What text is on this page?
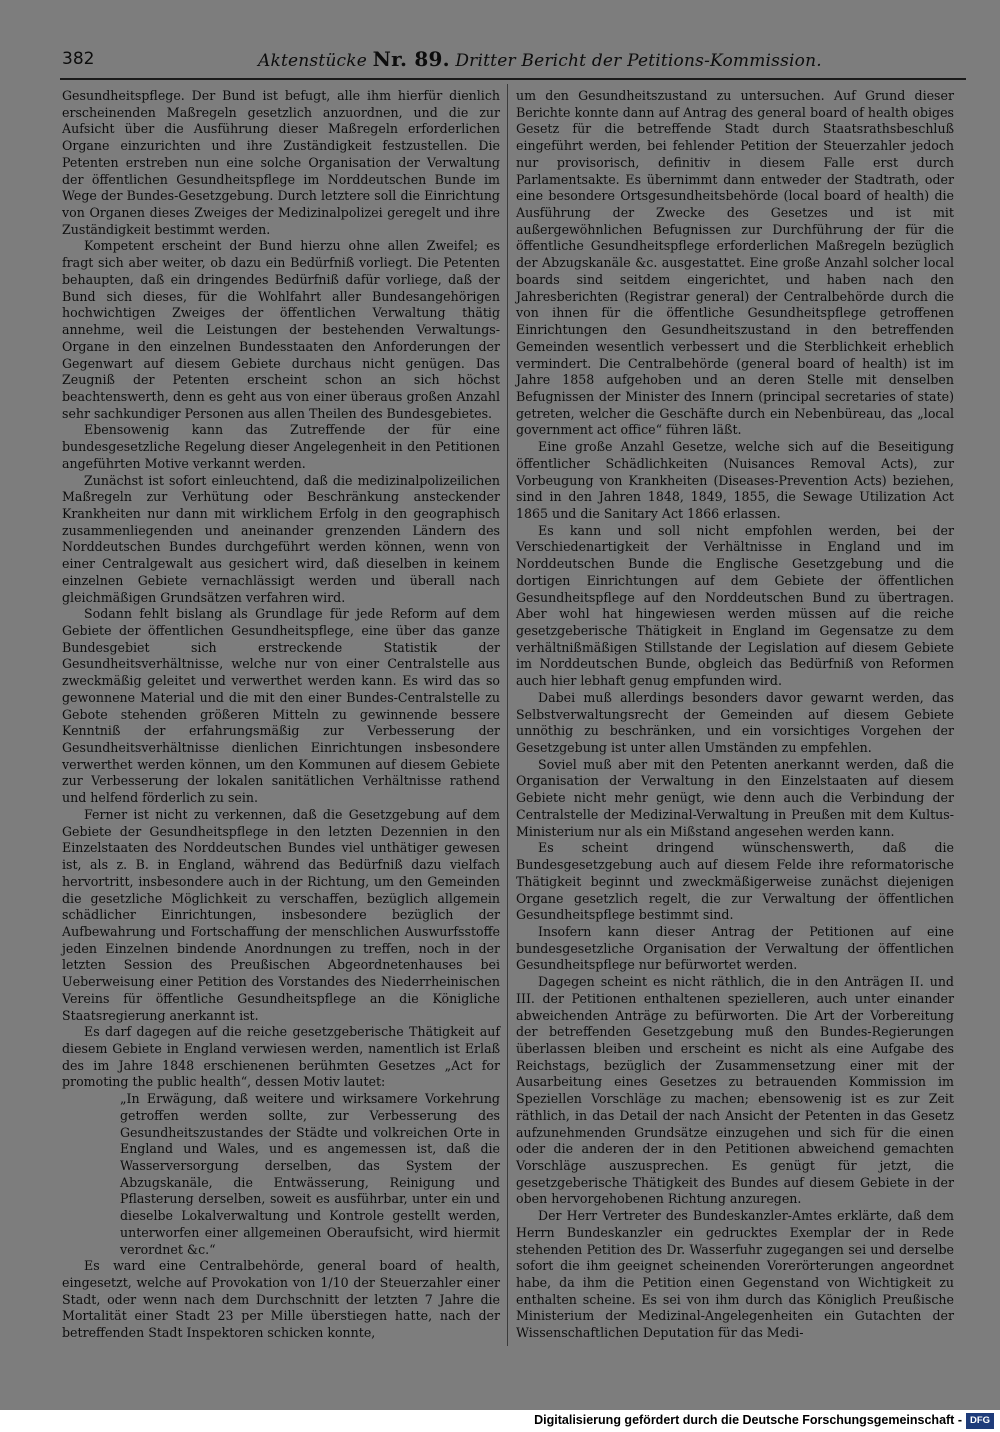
382	Aktenstücke Nr. 89. Dritter Bericht der Petitions-Kommission.

Gesundheitspflege. Der Bund ist befugt, alle ihm hierfür dienlich erscheinenden Maßregeln gesetzlich anzuordnen, und die zur Aufsicht über die Ausführung dieser Maßregeln erforderlichen Organe einzurichten und ihre Zuständigkeit festzustellen. Die Petenten erstreben nun eine solche Organisation der Verwaltung der öffentlichen Gesundheitspflege im Norddeutschen Bunde im Wege der Bundes-Gesetzgebung. Durch letztere soll die Einrichtung von Organen dieses Zweiges der Medizinalpolizei geregelt und ihre Zuständigkeit bestimmt werden.

Kompetent erscheint der Bund hierzu ohne allen Zweifel; es fragt sich aber weiter, ob dazu ein Bedürfniß vorliegt. Die Petenten behaupten, daß ein dringendes Bedürfniß dafür vorliege, daß der Bund sich dieses, für die Wohlfahrt aller Bundesangehörigen hochwichtigen Zweiges der öffentlichen Verwaltung thätig annehme, weil die Leistungen der bestehenden Verwaltungs-Organe in den einzelnen Bundesstaaten den Anforderungen der Gegenwart auf diesem Gebiete durchaus nicht genügen. Das Zeugniß der Petenten erscheint schon an sich höchst beachtenswerth, denn es geht aus von einer überaus großen Anzahl sehr sachkundiger Personen aus allen Theilen des Bundesgebietes.

Ebensowenig kann das Zutreffende der für eine bundesgesetzliche Regelung dieser Angelegenheit in den Petitionen angeführten Motive verkannt werden.

Zunächst ist sofort einleuchtend, daß die medizinalpolizeilichen Maßregeln zur Verhütung oder Beschränkung ansteckender Krankheiten nur dann mit wirklichem Erfolg in den geographisch zusammenliegenden und aneinander grenzenden Ländern des Norddeutschen Bundes durchgeführt werden können, wenn von einer Centralgewalt aus gesichert wird, daß dieselben in keinem einzelnen Gebiete vernachlässigt werden und überall nach gleichmäßigen Grundsätzen verfahren wird.

Sodann fehlt bislang als Grundlage für jede Reform auf dem Gebiete der öffentlichen Gesundheitspflege, eine über das ganze Bundesgebiet sich erstreckende Statistik der Gesundheitsverhältnisse, welche nur von einer Centralstelle aus zweckmäßig geleitet und verwerthet werden kann. Es wird das so gewonnene Material und die mit den einer Bundes-Centralstelle zu Gebote stehenden größeren Mitteln zu gewinnende bessere Kenntniß der erfahrungsmäßig zur Verbesserung der Gesundheitsverhältnisse dienlichen Einrichtungen insbesondere verwerthet werden können, um den Kommunen auf diesem Gebiete zur Verbesserung der lokalen sanitätlichen Verhältnisse rathend und helfend förderlich zu sein.

Ferner ist nicht zu verkennen, daß die Gesetzgebung auf dem Gebiete der Gesundheitspflege in den letzten Dezennien in den Einzelstaaten des Norddeutschen Bundes viel unthätiger gewesen ist, als z. B. in England, während das Bedürfniß dazu vielfach hervortritt, insbesondere auch in der Richtung, um den Gemeinden die gesetzliche Möglichkeit zu verschaffen, bezüglich allgemein schädlicher Einrichtungen, insbesondere bezüglich der Aufbewahrung und Fortschaffung der menschlichen Auswurfsstoffe jeden Einzelnen bindende Anordnungen zu treffen, noch in der letzten Session des Preußischen Abgeordnetenhauses bei Ueberweisung einer Petition des Vorstandes des Niederrheinischen Vereins für öffentliche Gesundheitspflege an die Königliche Staatsregierung anerkannt ist.

Es darf dagegen auf die reiche gesetzgeberische Thätigkeit auf diesem Gebiete in England verwiesen werden, namentlich ist Erlaß des im Jahre 1848 erschienenen berühmten Gesetzes „Act for promoting the public health“, dessen Motiv lautet:

„In Erwägung, daß weitere und wirksamere Vorkehrung getroffen werden sollte, zur Verbesserung des Gesundheitszustandes der Städte und volkreichen Orte in England und Wales, und es angemessen ist, daß die Wasserversorgung derselben, das System der Abzugskanäle, die Entwässerung, Reinigung und Pflasterung derselben, soweit es ausführbar, unter ein und dieselbe Lokalverwaltung und Kontrole gestellt werden, unterworfen einer allgemeinen Oberaufsicht, wird hiermit verordnet &c.“

Es ward eine Centralbehörde, general board of health, eingesetzt, welche auf Provokation von 1/10 der Steuerzahler einer Stadt, oder wenn nach dem Durchschnitt der letzten 7 Jahre die Mortalität einer Stadt 23 per Mille überstiegen hatte, nach der betreffenden Stadt Inspektoren schicken konnte,

um den Gesundheitszustand zu untersuchen. Auf Grund dieser Berichte konnte dann auf Antrag des general board of health obiges Gesetz für die betreffende Stadt durch Staatsrathsbeschluß eingeführt werden, bei fehlender Petition der Steuerzahler jedoch nur provisorisch, definitiv in diesem Falle erst durch Parlamentsakte. Es übernimmt dann entweder der Stadtrath, oder eine besondere Ortsgesundheitsbehörde (local board of health) die Ausführung der Zwecke des Gesetzes und ist mit außergewöhnlichen Befugnissen zur Durchführung der für die öffentliche Gesundheitspflege erforderlichen Maßregeln bezüglich der Abzugskanäle &c. ausgestattet. Eine große Anzahl solcher local boards sind seitdem eingerichtet, und haben nach den Jahresberichten (Registrar general) der Centralbehörde durch die von ihnen für die öffentliche Gesundheitspflege getroffenen Einrichtungen den Gesundheitszustand in den betreffenden Gemeinden wesentlich verbessert und die Sterblichkeit erheblich vermindert. Die Centralbehörde (general board of health) ist im Jahre 1858 aufgehoben und an deren Stelle mit denselben Befugnissen der Minister des Innern (principal secretaries of state) getreten, welcher die Geschäfte durch ein Nebenbüreau, das „local government act office“ führen läßt.

Eine große Anzahl Gesetze, welche sich auf die Beseitigung öffentlicher Schädlichkeiten (Nuisances Removal Acts), zur Vorbeugung von Krankheiten (Diseases-Prevention Acts) beziehen, sind in den Jahren 1848, 1849, 1855, die Sewage Utilization Act 1865 und die Sanitary Act 1866 erlassen.

Es kann und soll nicht empfohlen werden, bei der Verschiedenartigkeit der Verhältnisse in England und im Norddeutschen Bunde die Englische Gesetzgebung und die dortigen Einrichtungen auf dem Gebiete der öffentlichen Gesundheitspflege auf den Norddeutschen Bund zu übertragen. Aber wohl hat hingewiesen werden müssen auf die reiche gesetzgeberische Thätigkeit in England im Gegensatze zu dem verhältnißmäßigen Stillstande der Legislation auf diesem Gebiete im Norddeutschen Bunde, obgleich das Bedürfniß von Reformen auch hier lebhaft genug empfunden wird.

Dabei muß allerdings besonders davor gewarnt werden, das Selbstverwaltungsrecht der Gemeinden auf diesem Gebiete unnöthig zu beschränken, und ein vorsichtiges Vorgehen der Gesetzgebung ist unter allen Umständen zu empfehlen.

Soviel muß aber mit den Petenten anerkannt werden, daß die Organisation der Verwaltung in den Einzelstaaten auf diesem Gebiete nicht mehr genügt, wie denn auch die Verbindung der Centralstelle der Medizinal-Verwaltung in Preußen mit dem Kultus-Ministerium nur als ein Mißstand angesehen werden kann.

Es scheint dringend wünschenswerth, daß die Bundesgesetzgebung auch auf diesem Felde ihre reformatorische Thätigkeit beginnt und zweckmäßigerweise zunächst diejenigen Organe gesetzlich regelt, die zur Verwaltung der öffentlichen Gesundheitspflege bestimmt sind.

Insofern kann dieser Antrag der Petitionen auf eine bundesgesetzliche Organisation der Verwaltung der öffentlichen Gesundheitspflege nur befürwortet werden.

Dagegen scheint es nicht räthlich, die in den Anträgen II. und III. der Petitionen enthaltenen spezielleren, auch unter einander abweichenden Anträge zu befürworten. Die Art der Vorbereitung der betreffenden Gesetzgebung muß den Bundes-Regierungen überlassen bleiben und erscheint es nicht als eine Aufgabe des Reichstags, bezüglich der Zusammensetzung einer mit der Ausarbeitung eines Gesetzes zu betrauenden Kommission im Speziellen Vorschläge zu machen; ebensowenig ist es zur Zeit räthlich, in das Detail der nach Ansicht der Petenten in das Gesetz aufzunehmenden Grundsätze einzugehen und sich für die einen oder die anderen der in den Petitionen abweichend gemachten Vorschläge auszusprechen. Es genügt für jetzt, die gesetzgeberische Thätigkeit des Bundes auf diesem Gebiete in der oben hervorgehobenen Richtung anzuregen.

Der Herr Vertreter des Bundeskanzler-Amtes erklärte, daß dem Herrn Bundeskanzler ein gedrucktes Exemplar der in Rede stehenden Petition des Dr. Wasserfuhr zugegangen sei und derselbe sofort die ihm geeignet scheinenden Vorerörterungen angeordnet habe, da ihm die Petition einen Gegenstand von Wichtigkeit zu enthalten scheine. Es sei von ihm durch das Königlich Preußische Ministerium der Medizinal-Angelegenheiten ein Gutachten der Wissenschaftlichen Deputation für das Medi-

Digitalisierung gefördert durch die Deutsche Forschungsgemeinschaft - DFG
